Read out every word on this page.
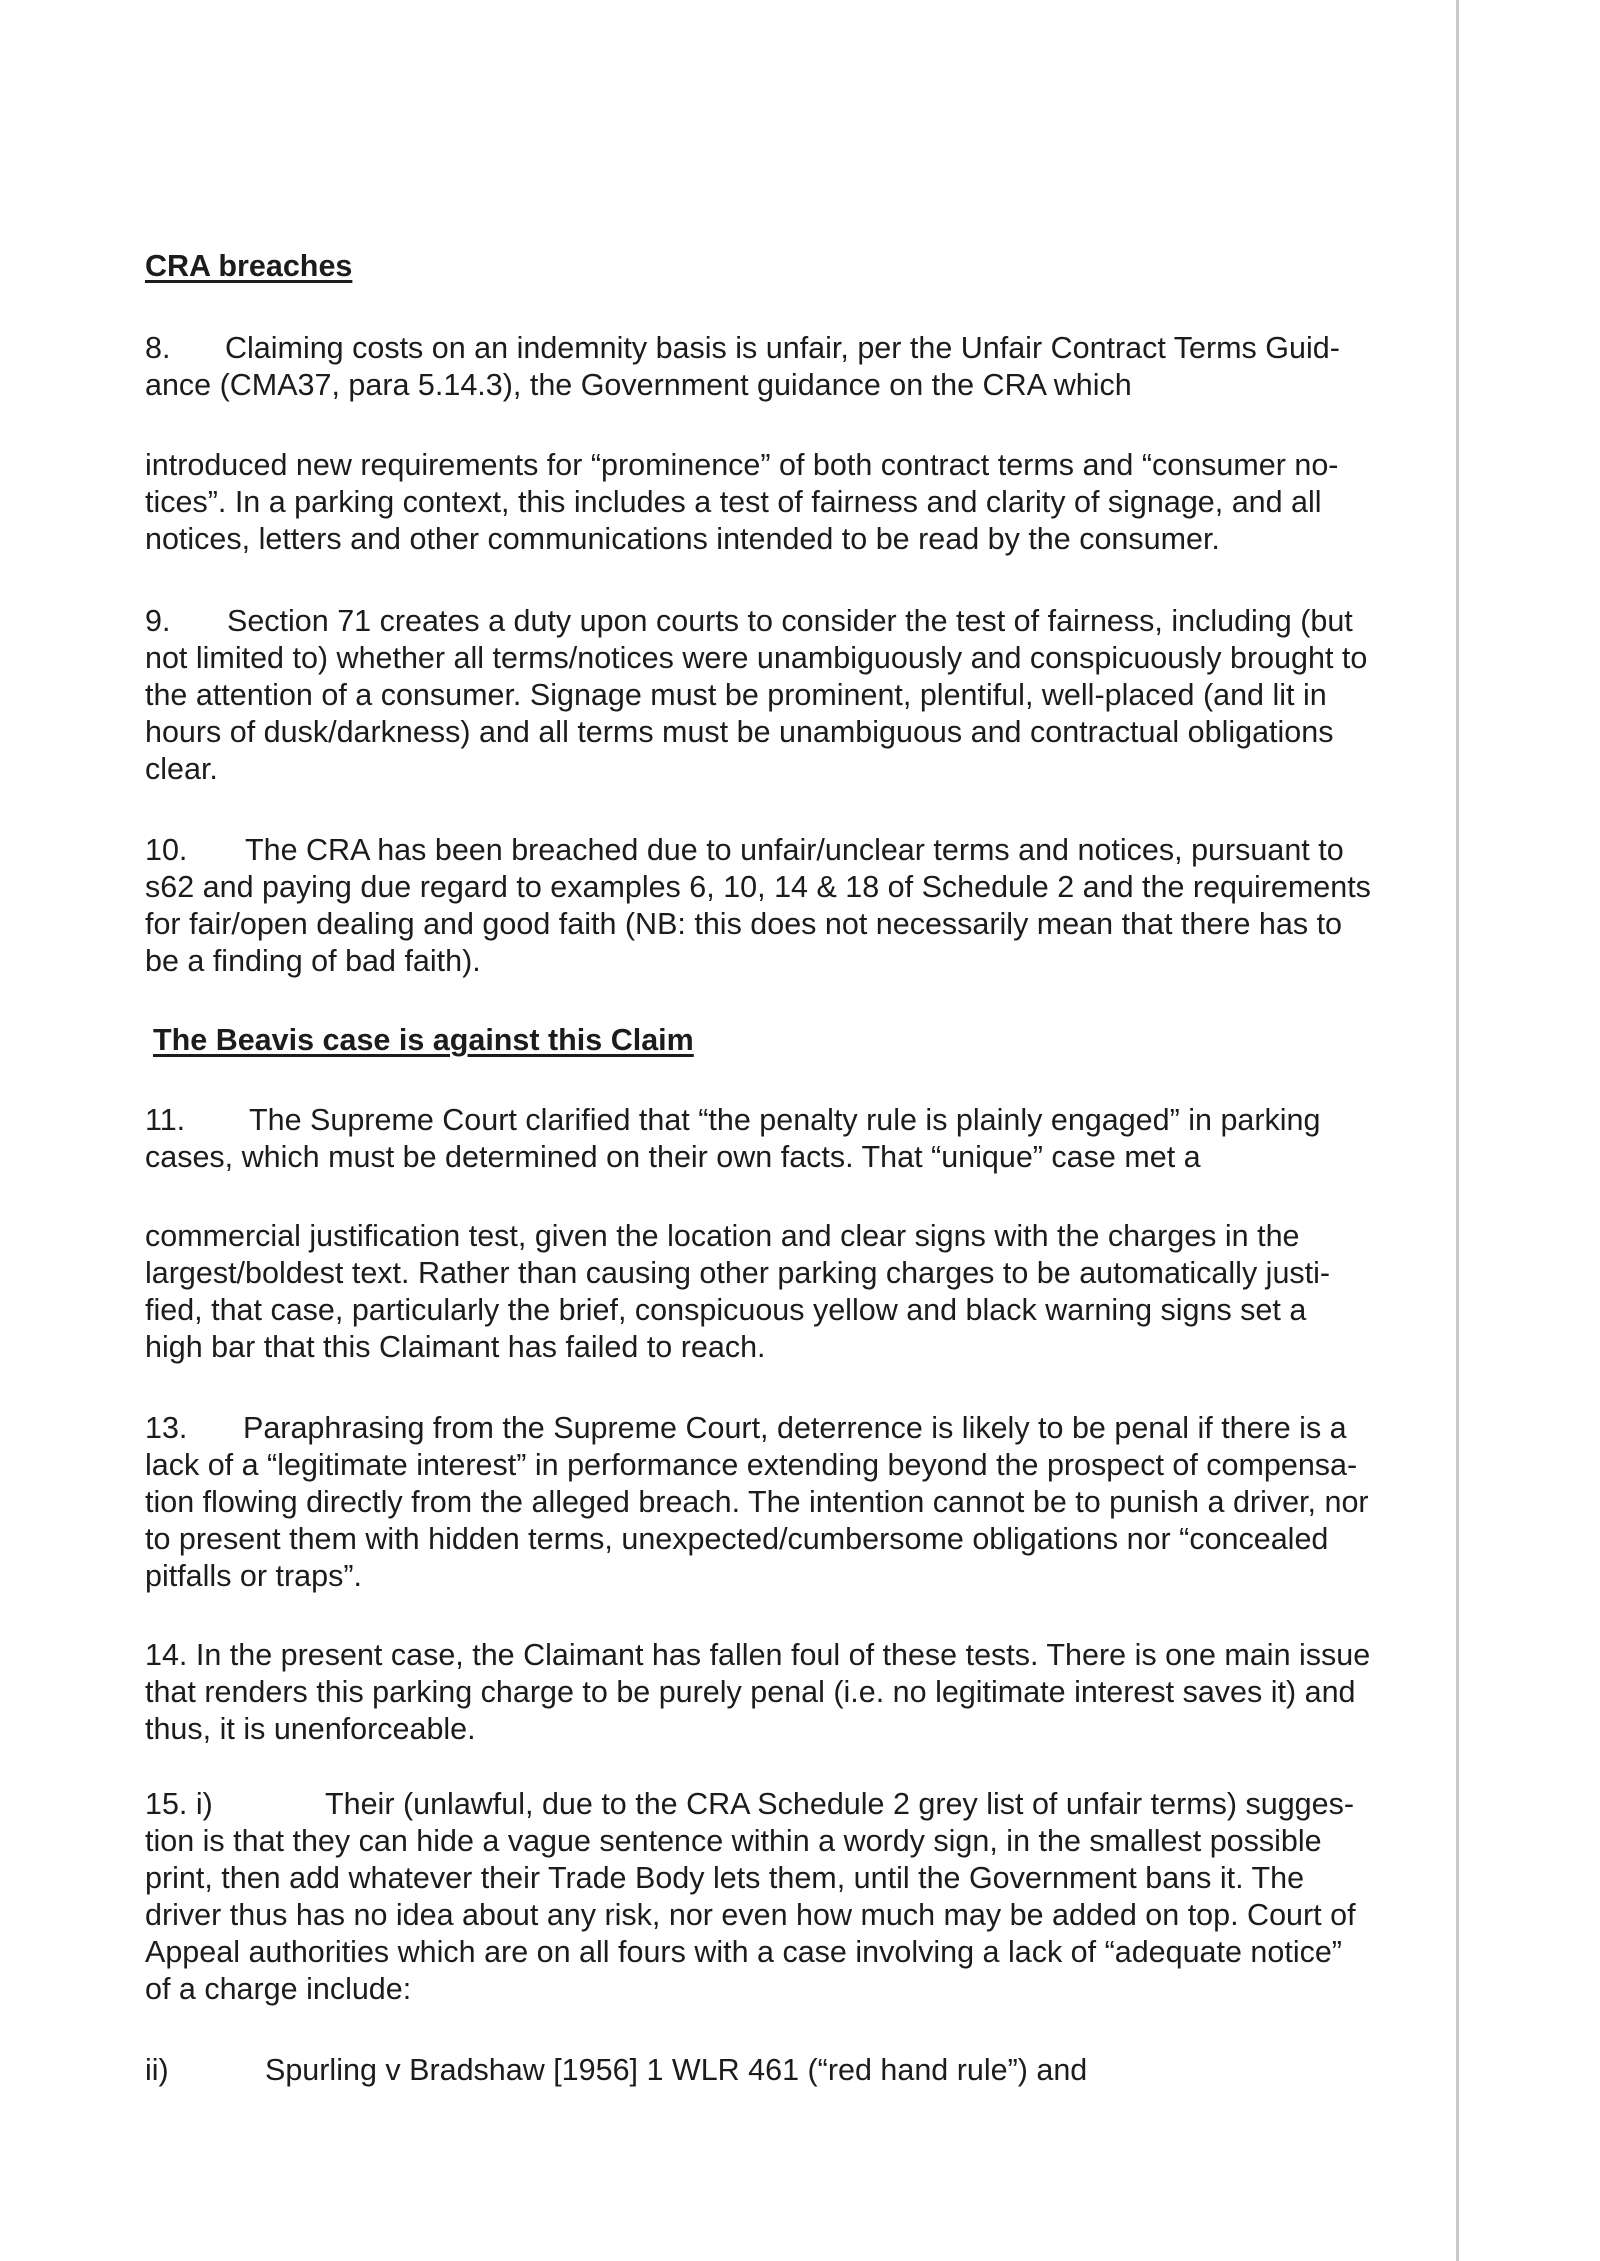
CRA breaches
8. Claiming costs on an indemnity basis is unfair, per the Unfair Contract Terms Guid-
ance (CMA37, para 5.14.3), the Government guidance on the CRA which
introduced new requirements for “prominence” of both contract terms and “consumer no-
tices”. In a parking context, this includes a test of fairness and clarity of signage, and all
notices, letters and other communications intended to be read by the consumer.
9. Section 71 creates a duty upon courts to consider the test of fairness, including (but
not limited to) whether all terms/notices were unambiguously and conspicuously brought to
the attention of a consumer. Signage must be prominent, plentiful, well-placed (and lit in
hours of dusk/darkness) and all terms must be unambiguous and contractual obligations
clear.
10. The CRA has been breached due to unfair/unclear terms and notices, pursuant to
s62 and paying due regard to examples 6, 10, 14 & 18 of Schedule 2 and the requirements
for fair/open dealing and good faith (NB: this does not necessarily mean that there has to
be a finding of bad faith).
The Beavis case is against this Claim
11. The Supreme Court clarified that “the penalty rule is plainly engaged” in parking
cases, which must be determined on their own facts. That “unique” case met a
commercial justification test, given the location and clear signs with the charges in the
largest/boldest text. Rather than causing other parking charges to be automatically justi-
fied, that case, particularly the brief, conspicuous yellow and black warning signs set a
high bar that this Claimant has failed to reach.
13. Paraphrasing from the Supreme Court, deterrence is likely to be penal if there is a
lack of a “legitimate interest” in performance extending beyond the prospect of compensa-
tion flowing directly from the alleged breach. The intention cannot be to punish a driver, nor
to present them with hidden terms, unexpected/cumbersome obligations nor “concealed
pitfalls or traps”.
14. In the present case, the Claimant has fallen foul of these tests. There is one main issue
that renders this parking charge to be purely penal (i.e. no legitimate interest saves it) and
thus, it is unenforceable.
15. i)	Their (unlawful, due to the CRA Schedule 2 grey list of unfair terms) sugges-
tion is that they can hide a vague sentence within a wordy sign, in the smallest possible
print, then add whatever their Trade Body lets them, until the Government bans it. The
driver thus has no idea about any risk, nor even how much may be added on top. Court of
Appeal authorities which are on all fours with a case involving a lack of “adequate notice”
of a charge include:
ii)	Spurling v Bradshaw [1956] 1 WLR 461 (“red hand rule”) and
